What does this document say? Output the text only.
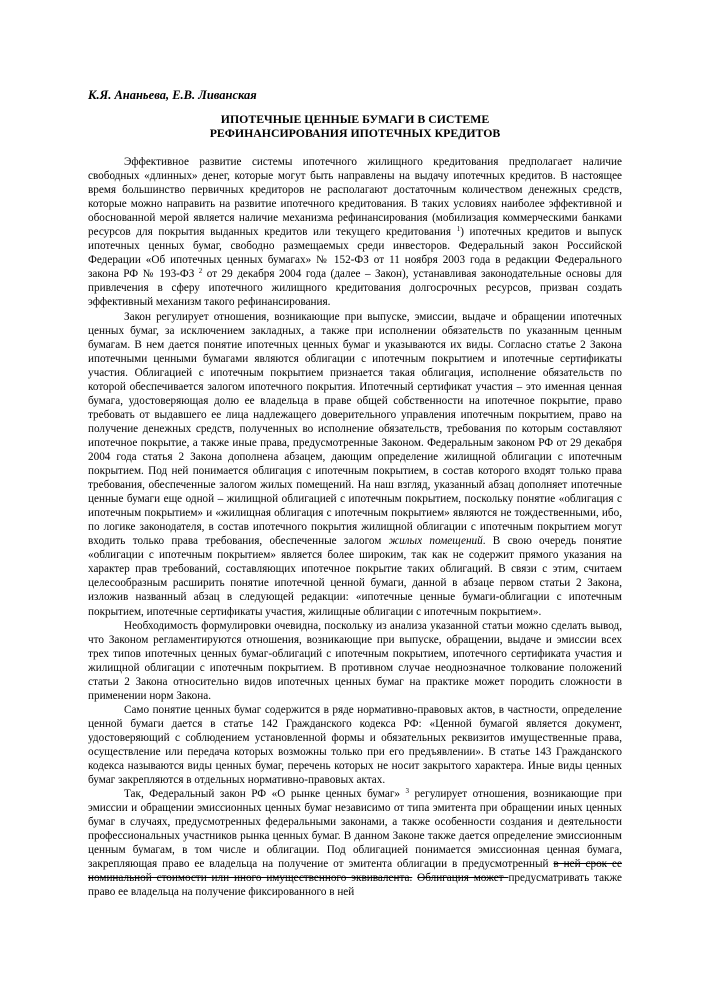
К.Я. Ананьева, Е.В. Ливанская
ИПОТЕЧНЫЕ ЦЕННЫЕ БУМАГИ В СИСТЕМЕ
РЕФИНАНСИРОВАНИЯ ИПОТЕЧНЫХ КРЕДИТОВ

Эффективное развитие системы ипотечного жилищного кредитования предполагает наличие свободных «длинных» денег, которые могут быть направлены на выдачу ипотечных кредитов. В настоящее время большинство первичных кредиторов не располагают достаточным количеством денежных средств, которые можно направить на развитие ипотечного кредитования. В таких условиях наиболее эффективной и обоснованной мерой является наличие механизма рефинансирования (мобилизация коммерческими банками ресурсов для покрытия выданных кредитов или текущего кредитования $^1$) ипотечных кредитов и выпуск ипотечных ценных бумаг, свободно размещаемых среди инвесторов. Федеральный закон Российской Федерации «Об ипотечных ценных бумагах» № 152-ФЗ от 11 ноября 2003 года в редакции Федерального закона РФ № 193-ФЗ $^2$ от 29 декабря 2004 года (далее – Закон), устанавливая законодательные основы для привлечения в сферу ипотечного жилищного кредитования долгосрочных ресурсов, призван создать эффективный механизм такого рефинансирования.

Закон регулирует отношения, возникающие при выпуске, эмиссии, выдаче и обращении ипотечных ценных бумаг, за исключением закладных, а также при исполнении обязательств по указанным ценным бумагам. В нем дается понятие ипотечных ценных бумаг и указываются их виды. Согласно статье 2 Закона ипотечными ценными бумагами являются облигации с ипотечным покрытием и ипотечные сертификаты участия. Облигацией с ипотечным покрытием признается такая облигация, исполнение обязательств по которой обеспечивается залогом ипотечного покрытия. Ипотечный сертификат участия – это именная ценная бумага, удостоверяющая долю ее владельца в праве общей собственности на ипотечное покрытие, право требовать от выдавшего ее лица надлежащего доверительного управления ипотечным покрытием, право на получение денежных средств, полученных во исполнение обязательств, требования по которым составляют ипотечное покрытие, а также иные права, предусмотренные Законом. Федеральным законом РФ от 29 декабря 2004 года статья 2 Закона дополнена абзацем, дающим определение жилищной облигации с ипотечным покрытием. Под ней понимается облигация с ипотечным покрытием, в состав которого входят только права требования, обеспеченные залогом жилых помещений. На наш взгляд, указанный абзац дополняет ипотечные ценные бумаги еще одной – жилищной облигацией с ипотечным покрытием, поскольку понятие «облигация с ипотечным покрытием» и «жилищная облигация с ипотечным покрытием» являются не тождественными, ибо, по логике законодателя, в состав ипотечного покрытия жилищной облигации с ипотечным покрытием могут входить только права требования, обеспеченные залогом жилых помещений. В свою очередь понятие «облигации с ипотечным покрытием» является более широким, так как не содержит прямого указания на характер прав требований, составляющих ипотечное покрытие таких облигаций. В связи с этим, считаем целесообразным расширить понятие ипотечной ценной бумаги, данной в абзаце первом статьи 2 Закона, изложив названный абзац в следующей редакции: «ипотечные ценные бумаги-облигации с ипотечным покрытием, ипотечные сертификаты участия, жилищные облигации с ипотечным покрытием».

Необходимость формулировки очевидна, поскольку из анализа указанной статьи можно сделать вывод, что Законом регламентируются отношения, возникающие при выпуске, обращении, выдаче и эмиссии всех трех типов ипотечных ценных бумаг-облигаций с ипотечным покрытием, ипотечного сертификата участия и жилищной облигации с ипотечным покрытием. В противном случае неоднозначное толкование положений статьи 2 Закона относительно видов ипотечных ценных бумаг на практике может породить сложности в применении норм Закона.

Само понятие ценных бумаг содержится в ряде нормативно-правовых актов, в частности, определение ценной бумаги дается в статье 142 Гражданского кодекса РФ: «Ценной бумагой является документ, удостоверяющий с соблюдением установленной формы и обязательных реквизитов имущественные права, осуществление или передача которых возможны только при его предъявлении». В статье 143 Гражданского кодекса называются виды ценных бумаг, перечень которых не носит закрытого характера. Иные виды ценных бумаг закрепляются в отдельных нормативно-правовых актах.

Так, Федеральный закон РФ «О рынке ценных бумаг» $^3$ регулирует отношения, возникающие при эмиссии и обращении эмиссионных ценных бумаг независимо от типа эмитента при обращении иных ценных бумаг в случаях, предусмотренных федеральными законами, а также особенности создания и деятельности профессиональных участников рынка ценных бумаг. В данном Законе также дается определение эмиссионным ценным бумагам, в том числе и облигации. Под облигацией понимается эмиссионная ценная бумага, закрепляющая право ее владельца на получение от эмитента облигации в предусмотренный в ней срок ее номинальной стоимости или иного имущественного эквивалента. Облигация может предусматривать также право ее владельца на получение фиксированного в ней
